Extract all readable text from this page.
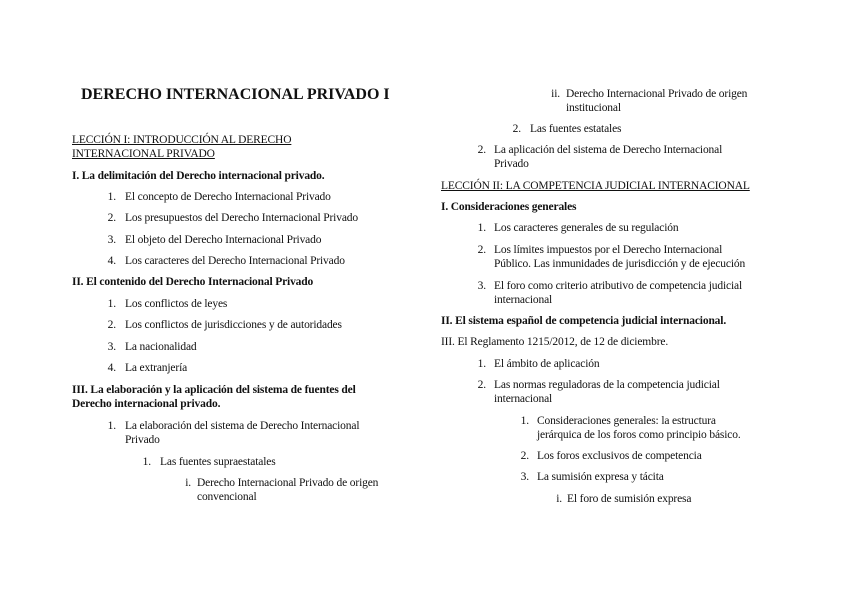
DERECHO INTERNACIONAL PRIVADO I
LECCIÓN I: INTRODUCCIÓN AL DERECHO
INTERNACIONAL PRIVADO
I. La delimitación del Derecho internacional privado.
1. El concepto de Derecho Internacional Privado
2. Los presupuestos del Derecho Internacional Privado
3. El objeto del Derecho Internacional Privado
4. Los caracteres del Derecho Internacional Privado
II. El contenido del Derecho Internacional Privado
1. Los conflictos de leyes
2. Los conflictos de jurisdicciones y de autoridades
3. La nacionalidad
4. La extranjería
III. La elaboración y la aplicación del sistema de fuentes del
Derecho internacional privado.
1. La elaboración del sistema de Derecho Internacional
Privado
1. Las fuentes supraestatales
i. Derecho Internacional Privado de origen
convencional
ii. Derecho Internacional Privado de origen
institucional
2. Las fuentes estatales
2. La aplicación del sistema de Derecho Internacional
Privado
LECCIÓN II: LA COMPETENCIA JUDICIAL INTERNACIONAL
I. Consideraciones generales
1. Los caracteres generales de su regulación
2. Los límites impuestos por el Derecho Internacional
Público. Las inmunidades de jurisdicción y de ejecución
3. El foro como criterio atributivo de competencia judicial
internacional
II. El sistema español de competencia judicial internacional.
III. El Reglamento 1215/2012, de 12 de diciembre.
1. El ámbito de aplicación
2. Las normas reguladoras de la competencia judicial
internacional
1. Consideraciones generales: la estructura
jerárquica de los foros como principio básico.
2. Los foros exclusivos de competencia
3. La sumisión expresa y tácita
i. El foro de sumisión expresa
